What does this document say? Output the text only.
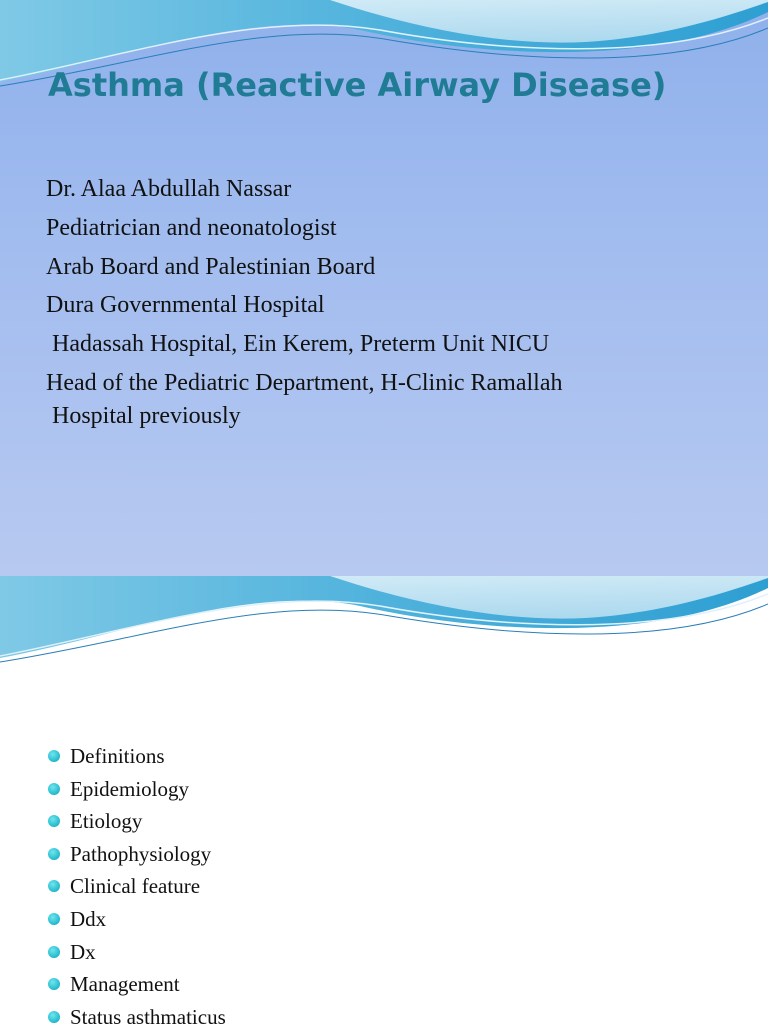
Asthma (Reactive Airway Disease)
Dr. Alaa Abdullah Nassar
Pediatrician and neonatologist
Arab Board and Palestinian Board
Dura Governmental Hospital
Hadassah Hospital, Ein Kerem, Preterm Unit NICU
Head of the Pediatric Department, H-Clinic Ramallah
Hospital previously
Definitions
Epidemiology
Etiology
Pathophysiology
Clinical feature
Ddx
Dx
Management
Status asthmaticus
